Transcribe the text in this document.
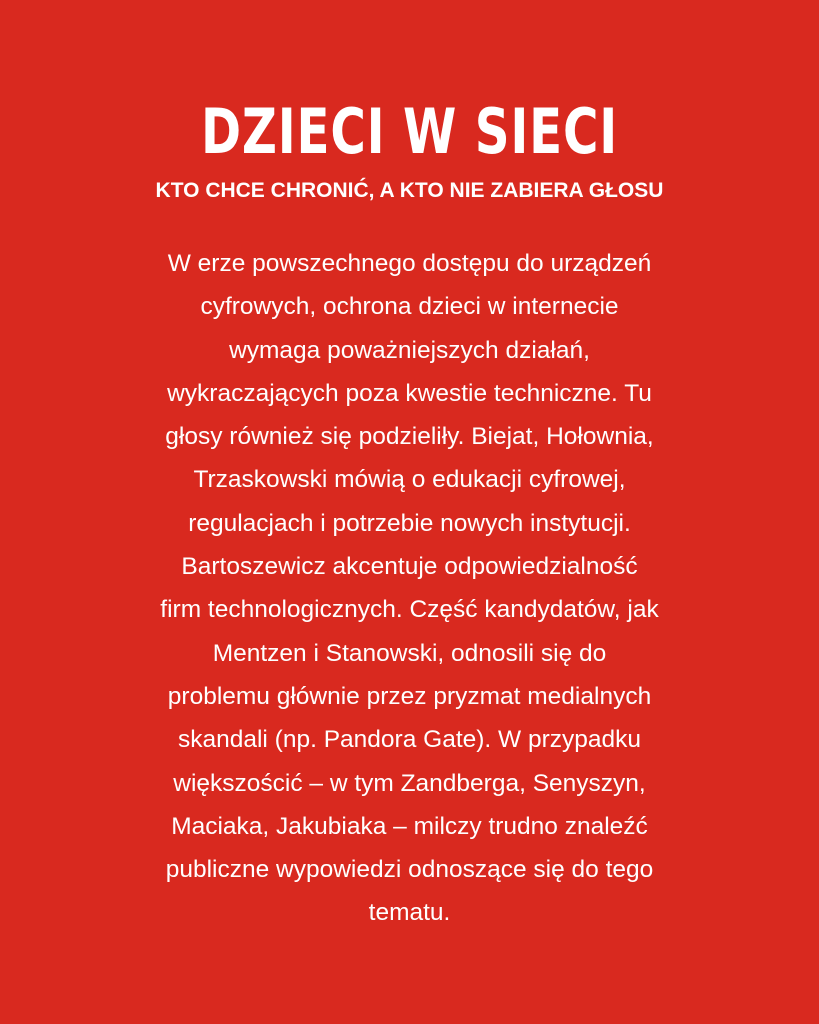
DZIECI W SIECI
KTO CHCE CHRONIĆ, A KTO NIE ZABIERA GŁOSU
W erze powszechnego dostępu do urządzeń
cyfrowych, ochrona dzieci w internecie
wymaga poważniejszych działań,
wykraczających poza kwestie techniczne. Tu
głosy również się podzieliły. Biejat, Hołownia,
Trzaskowski mówią o edukacji cyfrowej,
regulacjach i potrzebie nowych instytucji.
Bartoszewicz akcentuje odpowiedzialność
firm technologicznych. Część kandydatów, jak
Mentzen i Stanowski, odnosili się do
problemu głównie przez pryzmat medialnych
skandali (np. Pandora Gate). W przypadku
większościć – w tym Zandberga, Senyszyn,
Maciaka, Jakubiaka – milczy trudno znaleźć
publiczne wypowiedzi odnoszące się do tego
tematu.
